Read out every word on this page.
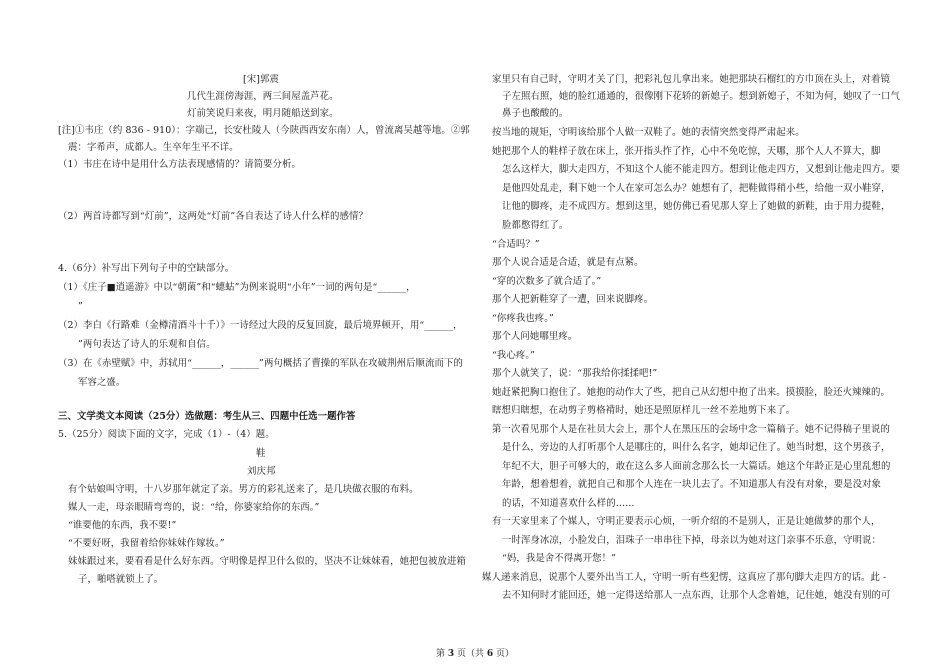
[宋]郭震
几代生涯傍海涯，两三间屋盖芦花。
灯前笑说归来夜，明月随船送到家。
[注]①韦庄（约 836 - 910）：字端己，长安杜陵人（今陕西西安东南）人，曾流离吴越等地。②郭
震：字希声，成都人。生卒年生平不详。
（1）韦庄在诗中是用什么方法表现感情的？请简要分析。
（2）两首诗都写到“灯前”，这两处“灯前”各自表达了诗人什么样的感情？
4.（6分）补写出下列句子中的空缺部分。
（1）《庄子■逍遥游》中以“朝菌”和“蟪蛄”为例来说明“小年”一词的两句是“______，
”
（2）李白《行路难（金樽清酒斗十千）》一诗经过大段的反复回旋，最后境界顿开，用“______，
”两句表达了诗人的乐观和自信。
（3）在《赤壁赋》中，苏轼用“______，______”两句概括了曹操的军队在攻破荆州后顺流而下的
军容之盛。
三、文学类文本阅读（25分）选做题：考生从三、四题中任选一题作答
5.（25分）阅读下面的文字，完成（1）-（4）题。
鞋
刘庆邦
有个姑娘叫守明，十八岁那年就定了亲。男方的彩礼送来了，是几块做衣服的布料。
媒人一走，母亲眼睛弯弯的，说：“给，你婆家给你的东西。”
“谁要他的东西，我不要!”
“不要好呀，我留着给你妹妹作嫁妆。”
妹妹跟过来，要看看是什么好东西。守明像是捍卫什么似的，坚决不让妹妹看，她把包被放进箱
子，啪嗒就锁上了。
家里只有自己时，守明才关了门，把彩礼包儿拿出来。她把那块石榴红的方巾顶在头上，对着镜
子左照右照，她的脸红通通的，很像刚下花轿的新媳子。想到新媳子，不知为何，她叹了一口气
鼻子也酸酸的。
按当地的规矩，守明该给那个人做一双鞋了。她的表情突然变得严肃起来。
她把那个人的鞋样子放在床上，张开指头拃了拃，心中不免吃惊，天哪，那个人人不算大，脚
怎么这样大，脚大走四方，不知这个人能不能走四方。想到让他走四方，又想到让他走四方。要
是他四处乱走，剩下她一个人在家可怎么办？她想有了，把鞋做得稍小些，给他一双小鞋穿，
让他的脚疼，走不成四方。想到这里，她仿佛已看见那人穿上了她做的新鞋，由于用力提鞋，
脸都憋得红了。
“合适吗？”
那个人说合适是合适，就是有点紧。
“穿的次数多了就合适了。”
那个人把新鞋穿了一遭，回来说脚疼。
“你疼我也疼。”
那个人问她哪里疼。
“我心疼。”
那个人就笑了，说：“那我给你揉揉吧!”
她赶紧把胸口抱住了。她抱的动作大了些，把自己从幻想中抱了出来。摸摸脸，脸还火辣辣的。
瞎想归瞎想，在动剪子剪格褙时，她还是照原样儿一丝不差地剪下来了。
第一次看见那个人是在社员大会上，那个人在黑压压的会场中念一篇稿子。她不记得稿子里说的
是什么，旁边的人打听那个人是哪庄的，叫什么名字，她却记住了。她当时想，这个男孩子，
年纪不大，胆子可够大的，敢在这么多人面前念那么长一大篇话。她这个年龄正是心里乱想的
年龄，想着想着，就把自己和那个人连在一块儿去了。不知道那人有没有对象，要是没对象
的话，不知道喜欢什么样的……
有一天家里来了个媒人，守明正要表示心烦，一听介绍的不是别人，正是让她做梦的那个人，
一时浑身冰凉，小脸发白，泪珠子一串串往下掉，母亲以为她对这门亲事不乐意，守明说：
“妈，我是舍不得离开您！”
媒人递来消息，说那个人要外出当工人，守明一听有些犯愣，这真应了那句脚大走四方的话。此 -
去不知何时才能回还，她一定得送给那人一点东西，让那个人念着她，记住她，她没有别的可
第 3 页（共 6 页）
